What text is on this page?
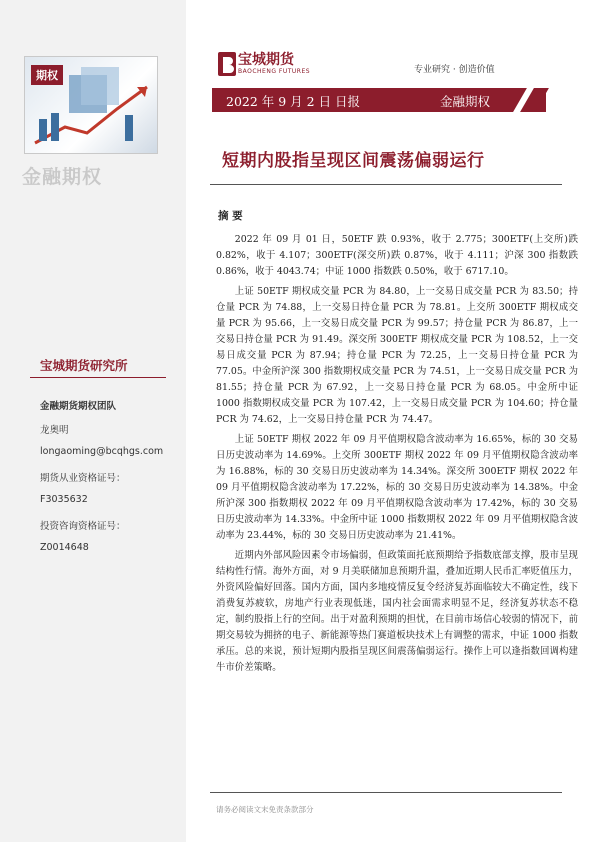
期权
金融期权
宝城期货研究所
金融期货期权团队
龙奥明
longaoming@bcqhgs.com
期货从业资格证号：
F3035632
投资咨询资格证号：
Z0014648
宝城期货
BAOCHENG FUTURES	专业研究 · 创造价值
2022 年 9 月 2 日 日报	金融期权
短期内股指呈现区间震荡偏弱运行
摘 要

2022 年 09 月 01 日，50ETF 跌 0.93%，收于 2.775；300ETF(上交所)跌 0.82%，收于 4.107；300ETF(深交所)跌 0.87%，收于 4.111；沪深 300 指数跌 0.86%，收于 4043.74；中证 1000 指数跌 0.50%，收于 6717.10。

上证 50ETF 期权成交量 PCR 为 84.80，上一交易日成交量 PCR 为 83.50；持仓量 PCR 为 74.88，上一交易日持仓量 PCR 为 78.81。上交所 300ETF 期权成交量 PCR 为 95.66，上一交易日成交量 PCR 为 99.57；持仓量 PCR 为 86.87，上一交易日持仓量 PCR 为 91.49。深交所 300ETF 期权成交量 PCR 为 108.52，上一交易日成交量 PCR 为 87.94；持仓量 PCR 为 72.25，上一交易日持仓量 PCR 为 77.05。中金所沪深 300 指数期权成交量 PCR 为 74.51，上一交易日成交量 PCR 为 81.55；持仓量 PCR 为 67.92，上一交易日持仓量 PCR 为 68.05。中金所中证 1000 指数期权成交量 PCR 为 107.42，上一交易日成交量 PCR 为 104.60；持仓量 PCR 为 74.62，上一交易日持仓量 PCR 为 74.47。

上证 50ETF 期权 2022 年 09 月平值期权隐含波动率为 16.65%，标的 30 交易日历史波动率为 14.69%。上交所 300ETF 期权 2022 年 09 月平值期权隐含波动率为 16.88%，标的 30 交易日历史波动率为 14.34%。深交所 300ETF 期权 2022 年 09 月平值期权隐含波动率为 17.22%，标的 30 交易日历史波动率为 14.38%。中金所沪深 300 指数期权 2022 年 09 月平值期权隐含波动率为 17.42%，标的 30 交易日历史波动率为 14.33%。中金所中证 1000 指数期权 2022 年 09 月平值期权隐含波动率为 23.44%，标的 30 交易日历史波动率为 21.41%。

近期内外部风险因素令市场偏弱，但政策面托底预期给予指数底部支撑，股市呈现结构性行情。海外方面，对 9 月美联储加息预期升温，叠加近期人民币汇率贬值压力，外资风险偏好回落。国内方面，国内多地疫情反复令经济复苏面临较大不确定性，线下消费复苏疲软，房地产行业表现低迷，国内社会面需求明显不足，经济复苏状态不稳定，制约股指上行的空间。出于对盈利预期的担忧，在目前市场信心较弱的情况下，前期交易较为拥挤的电子、新能源等热门赛道板块技术上有调整的需求，中证 1000 指数承压。总的来说，预计短期内股指呈现区间震荡偏弱运行。操作上可以逢指数回调构建牛市价差策略。

请务必阅读文末免责条款部分
